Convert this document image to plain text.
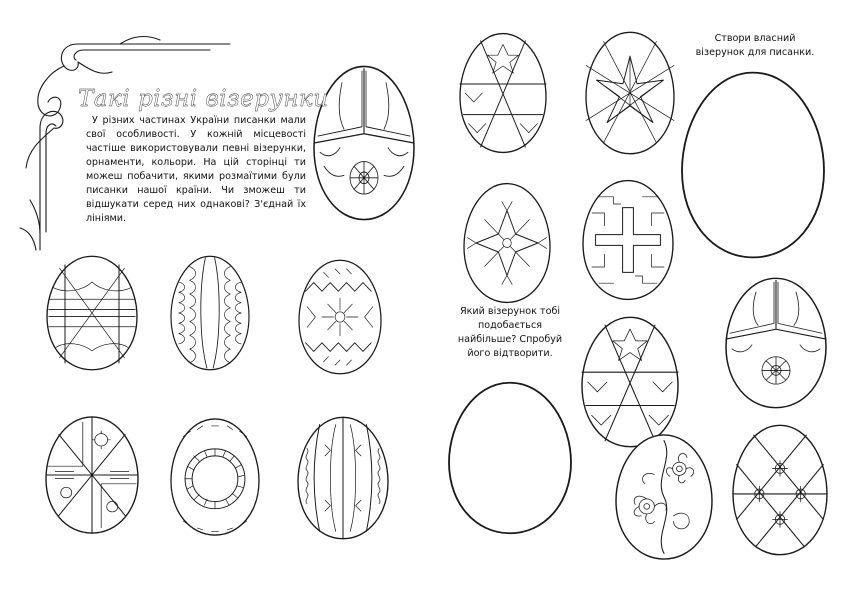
Такі різні візерунки
У різних частинах України писанки мали свої особливості. У кожній місцевості частіше використовували певні візерунки, орнаменти, кольори. На цій сторінці ти можеш побачити, якими розмаїтими були писанки нашої країни. Чи зможеш ти відшукати серед них однакові? З'єднай їх лініями.
Створи власний візерунок для писанки.
Який візерунок тобі подобається найбільше? Спробуй його відтворити.
